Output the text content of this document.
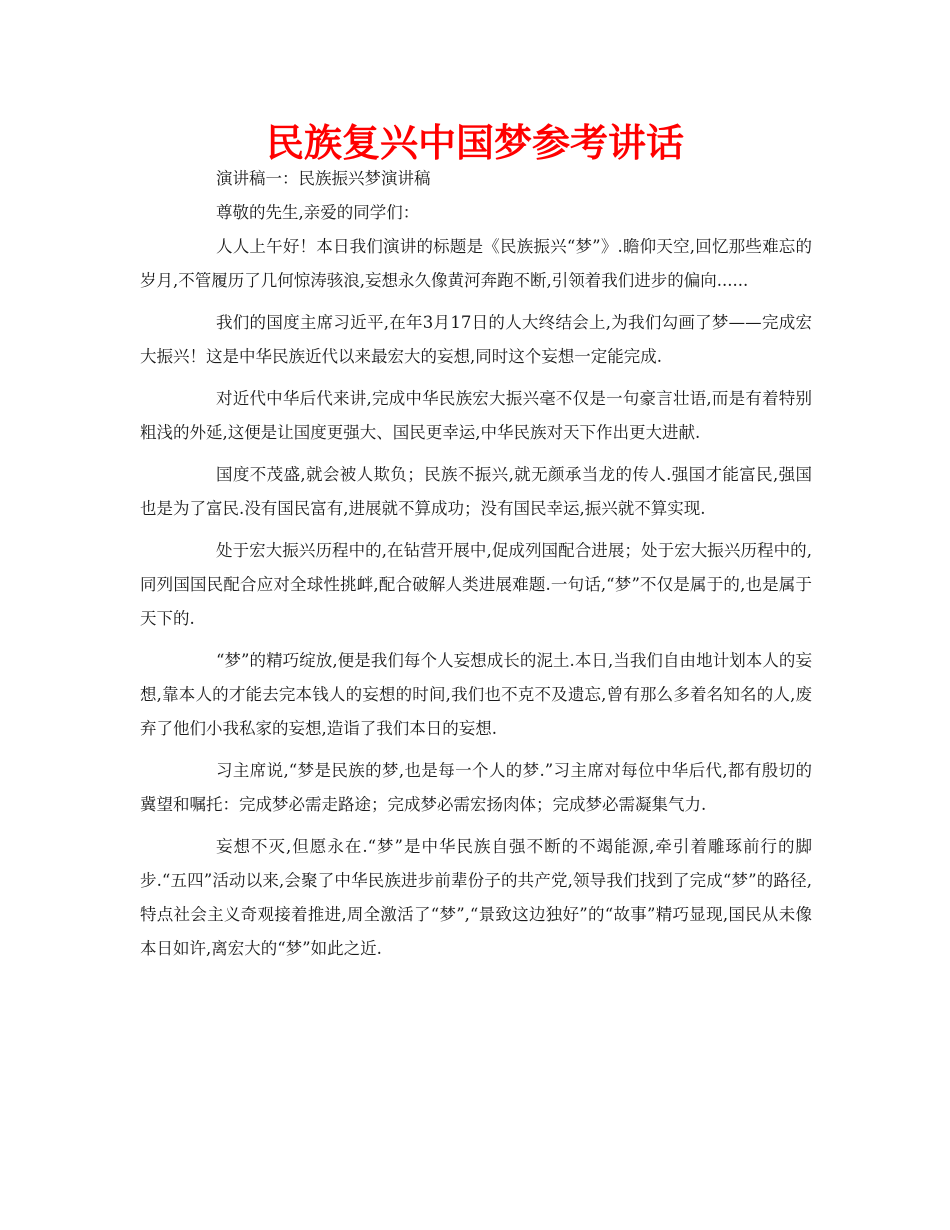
民族复兴中国梦参考讲话

演讲稿一：民族振兴梦演讲稿

尊敬的先生,亲爱的同学们：

人人上午好！本日我们演讲的标题是《民族振兴“梦”》.瞻仰天空,回忆那些难忘的岁月,不管履历了几何惊涛骇浪,妄想永久像黄河奔跑不断,引领着我们进步的偏向......

我们的国度主席习近平,在年3月17日的人大终结会上,为我们勾画了梦——完成宏大振兴！这是中华民族近代以来最宏大的妄想,同时这个妄想一定能完成.

对近代中华后代来讲,完成中华民族宏大振兴毫不仅是一句豪言壮语,而是有着特别粗浅的外延,这便是让国度更强大、国民更幸运,中华民族对天下作出更大进献.

国度不茂盛,就会被人欺负；民族不振兴,就无颜承当龙的传人.强国才能富民,强国也是为了富民.没有国民富有,进展就不算成功；没有国民幸运,振兴就不算实现.

处于宏大振兴历程中的,在钻营开展中,促成列国配合进展；处于宏大振兴历程中的,同列国国民配合应对全球性挑衅,配合破解人类进展难题.一句话,“梦”不仅是属于的,也是属于天下的.

“梦”的精巧绽放,便是我们每个人妄想成长的泥土.本日,当我们自由地计划本人的妄想,靠本人的才能去完本钱人的妄想的时间,我们也不克不及遗忘,曾有那么多着名知名的人,废弃了他们小我私家的妄想,造诣了我们本日的妄想.

习主席说,“梦是民族的梦,也是每一个人的梦.”习主席对每位中华后代,都有殷切的冀望和嘱托：完成梦必需走路途；完成梦必需宏扬肉体；完成梦必需凝集气力.

妄想不灭,但愿永在.“梦”是中华民族自强不断的不竭能源,牵引着雕琢前行的脚步.“五四”活动以来,会聚了中华民族进步前辈份子的共产党,领导我们找到了完成“梦”的路径,特点社会主义奇观接着推进,周全激活了“梦”,“景致这边独好”的“故事”精巧显现,国民从未像本日如许,离宏大的“梦”如此之近.
